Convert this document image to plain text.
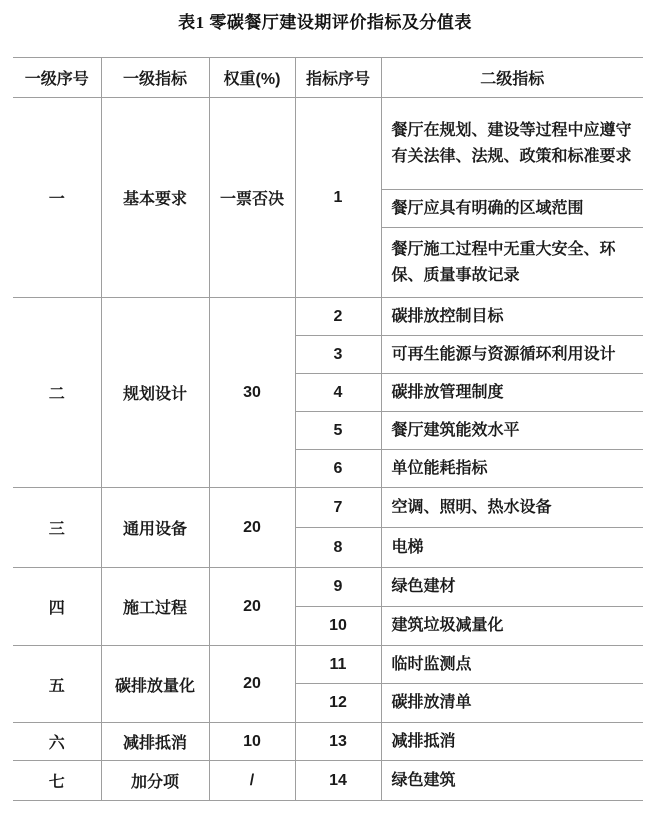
表1 零碳餐厅建设期评价指标及分值表
一级序号	一级指标	权重(%)	指标序号	二级指标
一	基本要求	一票否决	1	餐厅在规划、建设等过程中应遵守有关法律、法规、政策和标准要求
				餐厅应具有明确的区域范围
				餐厅施工过程中无重大安全、环保、质量事故记录
二	规划设计	30	2	碳排放控制目标
			3	可再生能源与资源循环利用设计
			4	碳排放管理制度
			5	餐厅建筑能效水平
			6	单位能耗指标
三	通用设备	20	7	空调、照明、热水设备
			8	电梯
四	施工过程	20	9	绿色建材
			10	建筑垃圾减量化
五	碳排放量化	20	11	临时监测点
			12	碳排放清单
六	减排抵消	10	13	减排抵消
七	加分项	/	14	绿色建筑
